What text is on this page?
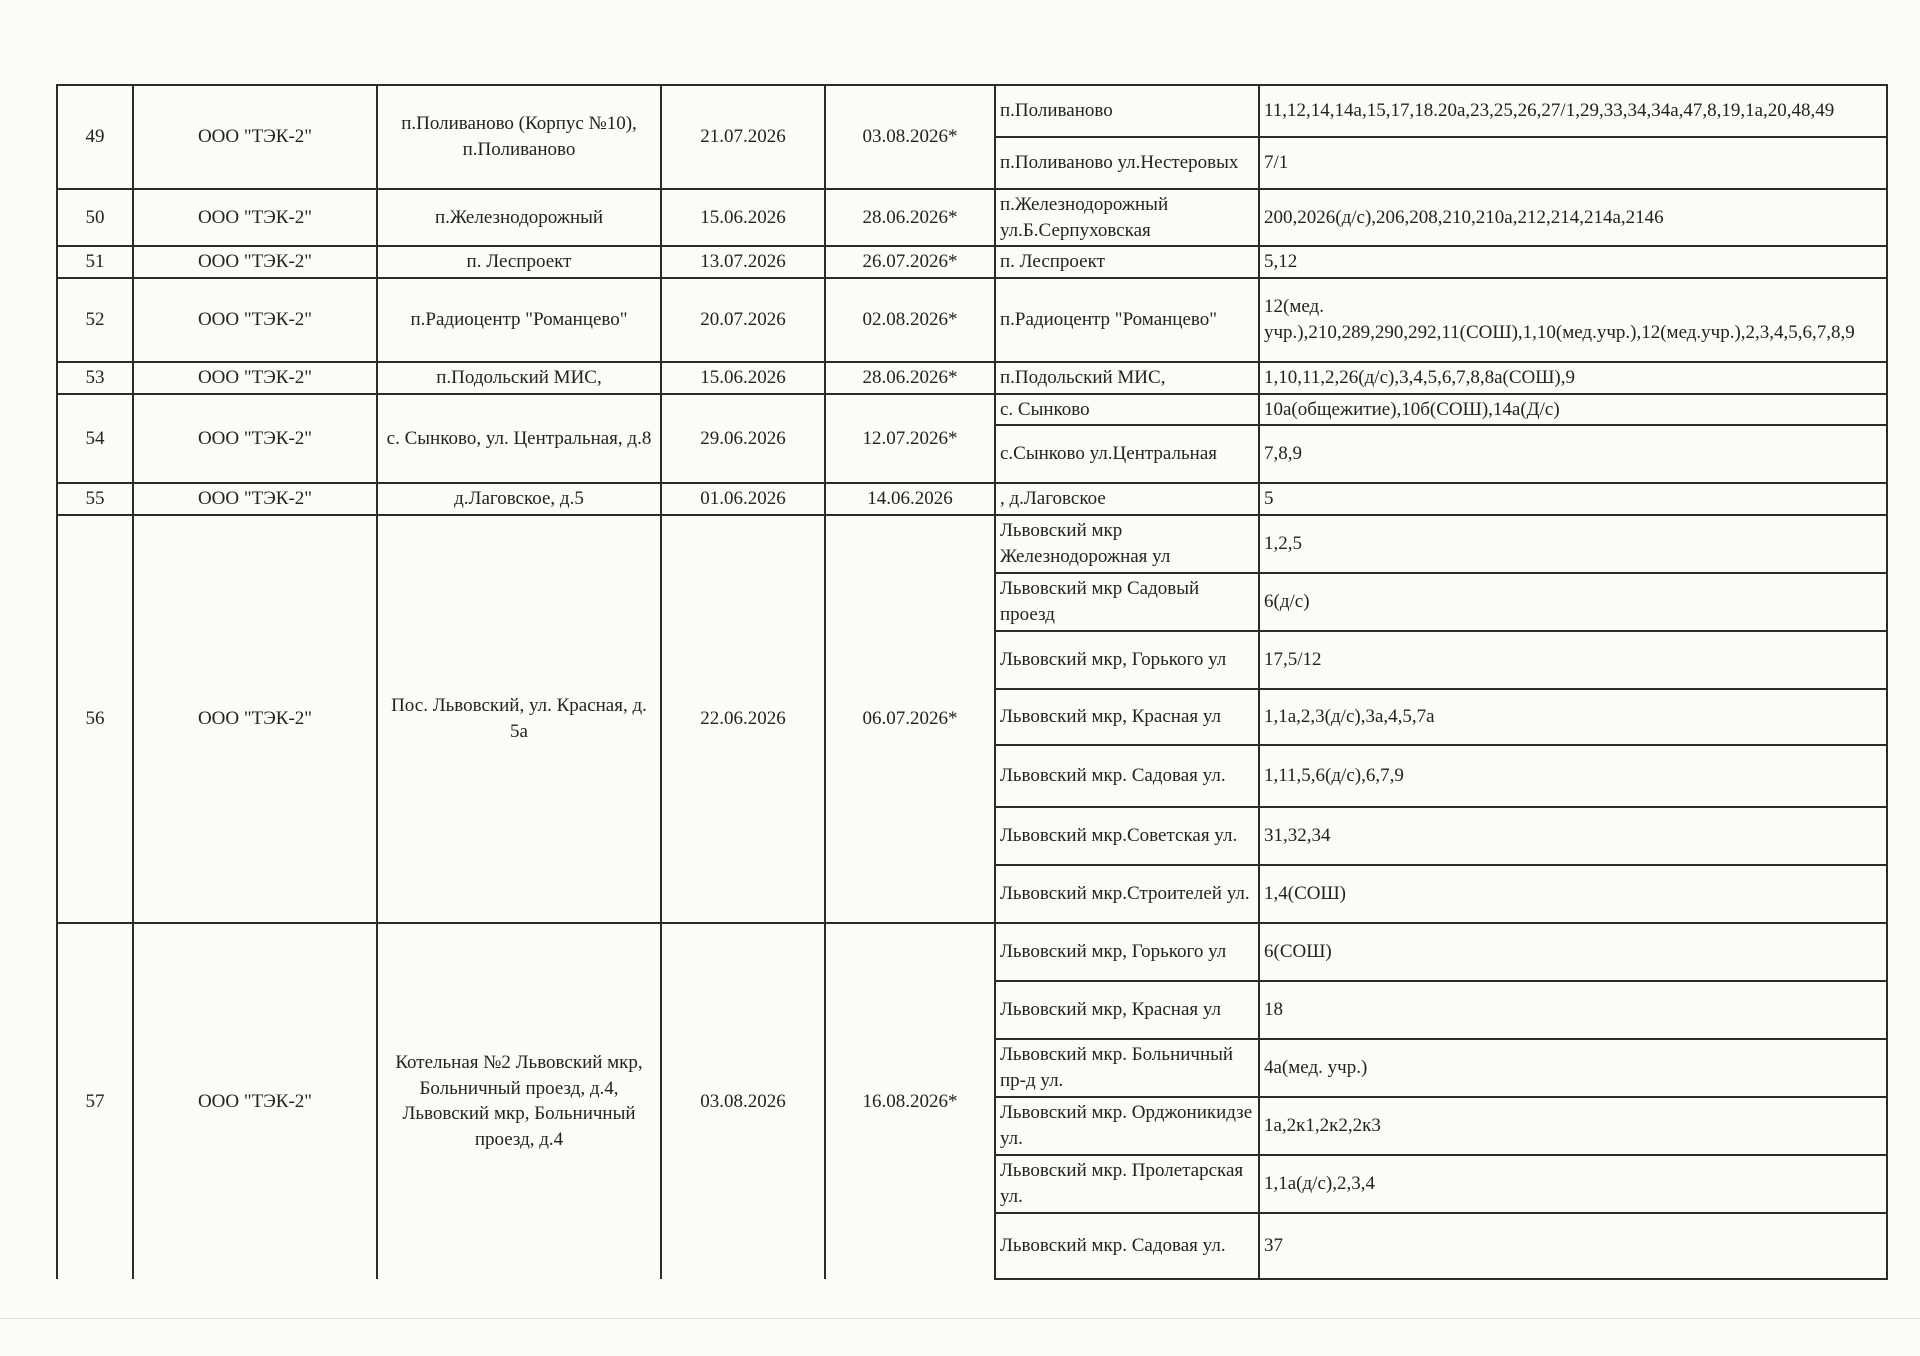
49	ООО "ТЭК-2"	п.Поливаново (Корпус №10), п.Поливаново	21.07.2026	03.08.2026*	п.Поливаново	11,12,14,14а,15,17,18.20а,23,25,26,27/1,29,33,34,34а,47,8,19,1а,20,48,49
					п.Поливаново ул.Нестеровых	7/1
50	ООО "ТЭК-2"	п.Железнодорожный	15.06.2026	28.06.2026*	п.Железнодорожный ул.Б.Серпуховская	200,2026(д/с),206,208,210,210а,212,214,214а,2146
51	ООО "ТЭК-2"	п. Леспроект	13.07.2026	26.07.2026*	п. Леспроект	5,12
52	ООО "ТЭК-2"	п.Радиоцентр "Романцево"	20.07.2026	02.08.2026*	п.Радиоцентр "Романцево"	12(мед. учр.),210,289,290,292,11(СОШ),1,10(мед.учр.),12(мед.учр.),2,3,4,5,6,7,8,9
53	ООО "ТЭК-2"	п.Подольский МИС,	15.06.2026	28.06.2026*	п.Подольский МИС,	1,10,11,2,26(д/с),3,4,5,6,7,8,8а(СОШ),9
54	ООО "ТЭК-2"	с. Сынково, ул. Центральная, д.8	29.06.2026	12.07.2026*	с. Сынково	10а(общежитие),10б(СОШ),14а(Д/с)
					с.Сынково ул.Центральная	7,8,9
55	ООО "ТЭК-2"	д.Лаговское, д.5	01.06.2026	14.06.2026	, д.Лаговское	5
56	ООО "ТЭК-2"	Пос. Львовский, ул. Красная, д. 5а	22.06.2026	06.07.2026*	Львовский мкр Железнодорожная ул	1,2,5
					Львовский мкр Садовый проезд	6(д/с)
					Львовский мкр, Горького ул	17,5/12
					Львовский мкр, Красная ул	1,1а,2,3(д/с),3а,4,5,7а
					Львовский мкр. Садовая ул.	1,11,5,6(д/с),6,7,9
					Львовский мкр.Советская ул.	31,32,34
					Львовский мкр.Строителей ул.	1,4(СОШ)
57	ООО "ТЭК-2"	Котельная №2 Львовский мкр, Больничный проезд, д.4, Львовский мкр, Больничный проезд, д.4	03.08.2026	16.08.2026*	Львовский мкр, Горького ул	6(СОШ)
					Львовский мкр, Красная ул	18
					Львовский мкр. Больничный пр-д ул.	4а(мед. учр.)
					Львовский мкр. Орджоникидзе ул.	1а,2к1,2к2,2к3
					Львовский мкр. Пролетарская ул.	1,1а(д/с),2,3,4
					Львовский мкр. Садовая ул.	37
